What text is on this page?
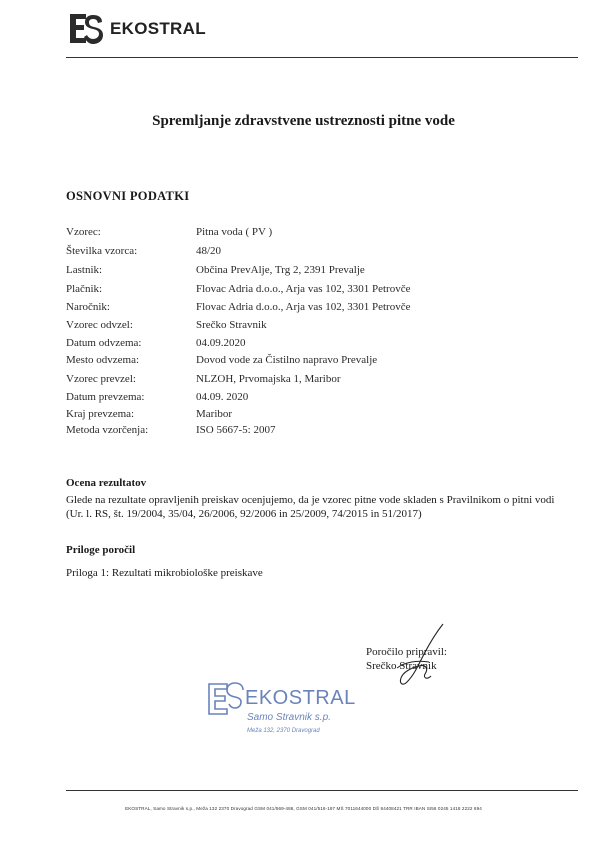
EKOSTRAL
Spremljanje zdravstvene ustreznosti pitne vode
OSNOVNI PODATKI
Vzorec:	Pitna voda ( PV )
Številka vzorca:	48/20
Lastnik:	Občina PrevAlje, Trg 2, 2391 Prevalje
Plačnik:	Flovac Adria d.o.o., Arja vas 102, 3301 Petrovče
Naročnik:	Flovac Adria d.o.o., Arja vas 102, 3301 Petrovče
Vzorec odvzel:	Srečko Stravnik
Datum odvzema:	04.09.2020
Mesto odvzema:	Dovod vode za Čistilno napravo Prevalje
Vzorec prevzel:	NLZOH, Prvomajska 1, Maribor
Datum prevzema:	04.09. 2020
Kraj prevzema:	Maribor
Metoda vzorčenja:	ISO 5667-5: 2007
Ocena rezultatov
Glede na rezultate opravljenih preiskav ocenjujemo, da je vzorec pitne vode skladen s Pravilnikom o pitni vodi (Ur. l. RS, št. 19/2004, 35/04, 26/2006, 92/2006 in 25/2009, 74/2015 in 51/2017)
Priloge poročil
Priloga 1: Rezultati mikrobiološke preiskave
Poročilo pripravil:
Srečko Stravnik
EKOSTRAL
Samo Stravnik s.p.
Meža 132, 2370 Dravograd
EKOSTRAL, Samo Stravnik s.p., Meža 132 2370 Dravograd GSM 041/569-486, GSM 041/516-197 MŠ 7011644000 DŠ 84408421 TRR IBAN SI56 0245 1418 2222 694
